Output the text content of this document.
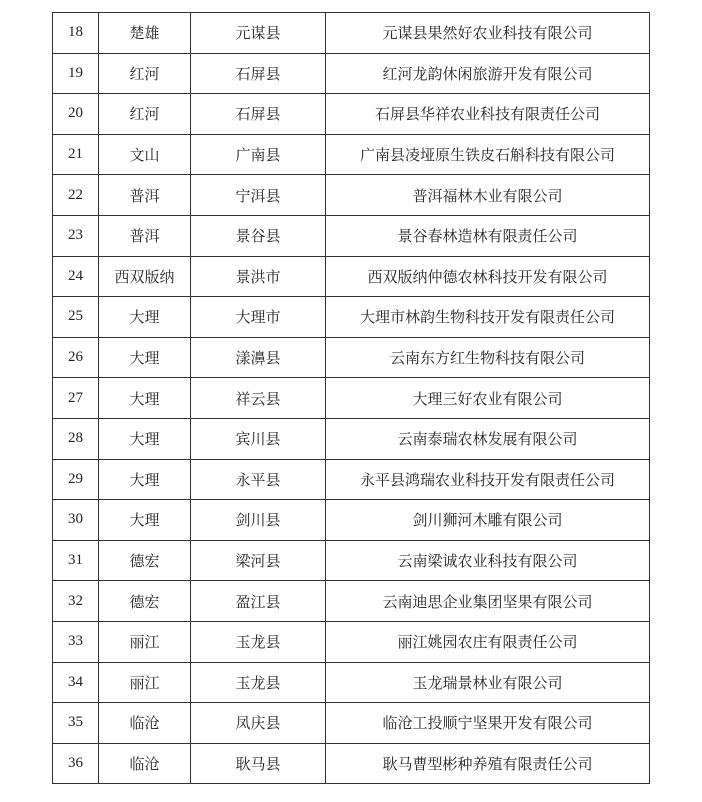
18	楚雄	元谋县	元谋县果然好农业科技有限公司
19	红河	石屏县	红河龙韵休闲旅游开发有限公司
20	红河	石屏县	石屏县华祥农业科技有限责任公司
21	文山	广南县	广南县凌垭原生铁皮石斛科技有限公司
22	普洱	宁洱县	普洱福林木业有限公司
23	普洱	景谷县	景谷春林造林有限责任公司
24	西双版纳	景洪市	西双版纳仲德农林科技开发有限公司
25	大理	大理市	大理市林韵生物科技开发有限责任公司
26	大理	漾濞县	云南东方红生物科技有限公司
27	大理	祥云县	大理三好农业有限公司
28	大理	宾川县	云南泰瑞农林发展有限公司
29	大理	永平县	永平县鸿瑞农业科技开发有限责任公司
30	大理	剑川县	剑川狮河木雕有限公司
31	德宏	梁河县	云南梁诚农业科技有限公司
32	德宏	盈江县	云南迪思企业集团坚果有限公司
33	丽江	玉龙县	丽江姚园农庄有限责任公司
34	丽江	玉龙县	玉龙瑞景林业有限公司
35	临沧	凤庆县	临沧工投顺宁坚果开发有限公司
36	临沧	耿马县	耿马曹型彬种养殖有限责任公司
